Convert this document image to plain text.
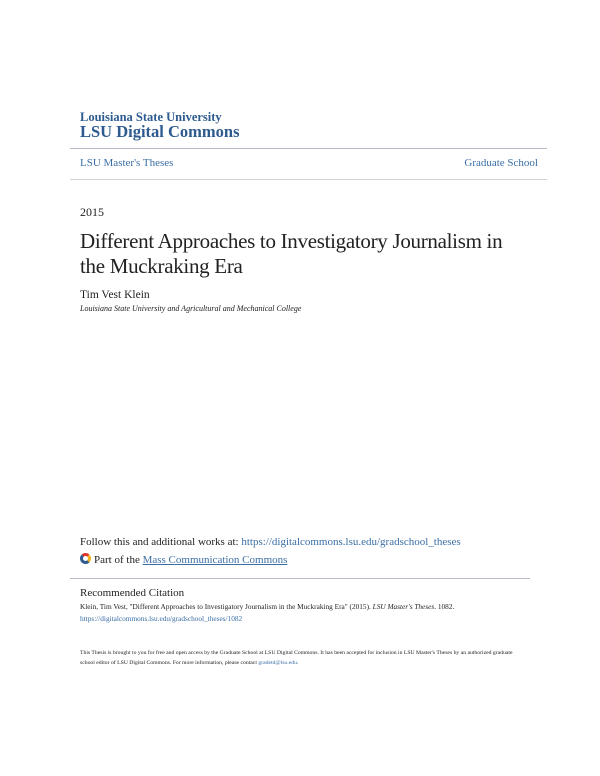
Louisiana State University
LSU Digital Commons
LSU Master's Theses	Graduate School
2015
Different Approaches to Investigatory Journalism in the Muckraking Era
Tim Vest Klein
Louisiana State University and Agricultural and Mechanical College
Follow this and additional works at: https://digitalcommons.lsu.edu/gradschool_theses
Part of the Mass Communication Commons
Recommended Citation
Klein, Tim Vest, "Different Approaches to Investigatory Journalism in the Muckraking Era" (2015). LSU Master's Theses. 1082.
https://digitalcommons.lsu.edu/gradschool_theses/1082
This Thesis is brought to you for free and open access by the Graduate School at LSU Digital Commons. It has been accepted for inclusion in LSU Master's Theses by an authorized graduate school editor of LSU Digital Commons. For more information, please contact gradetd@lsu.edu.
